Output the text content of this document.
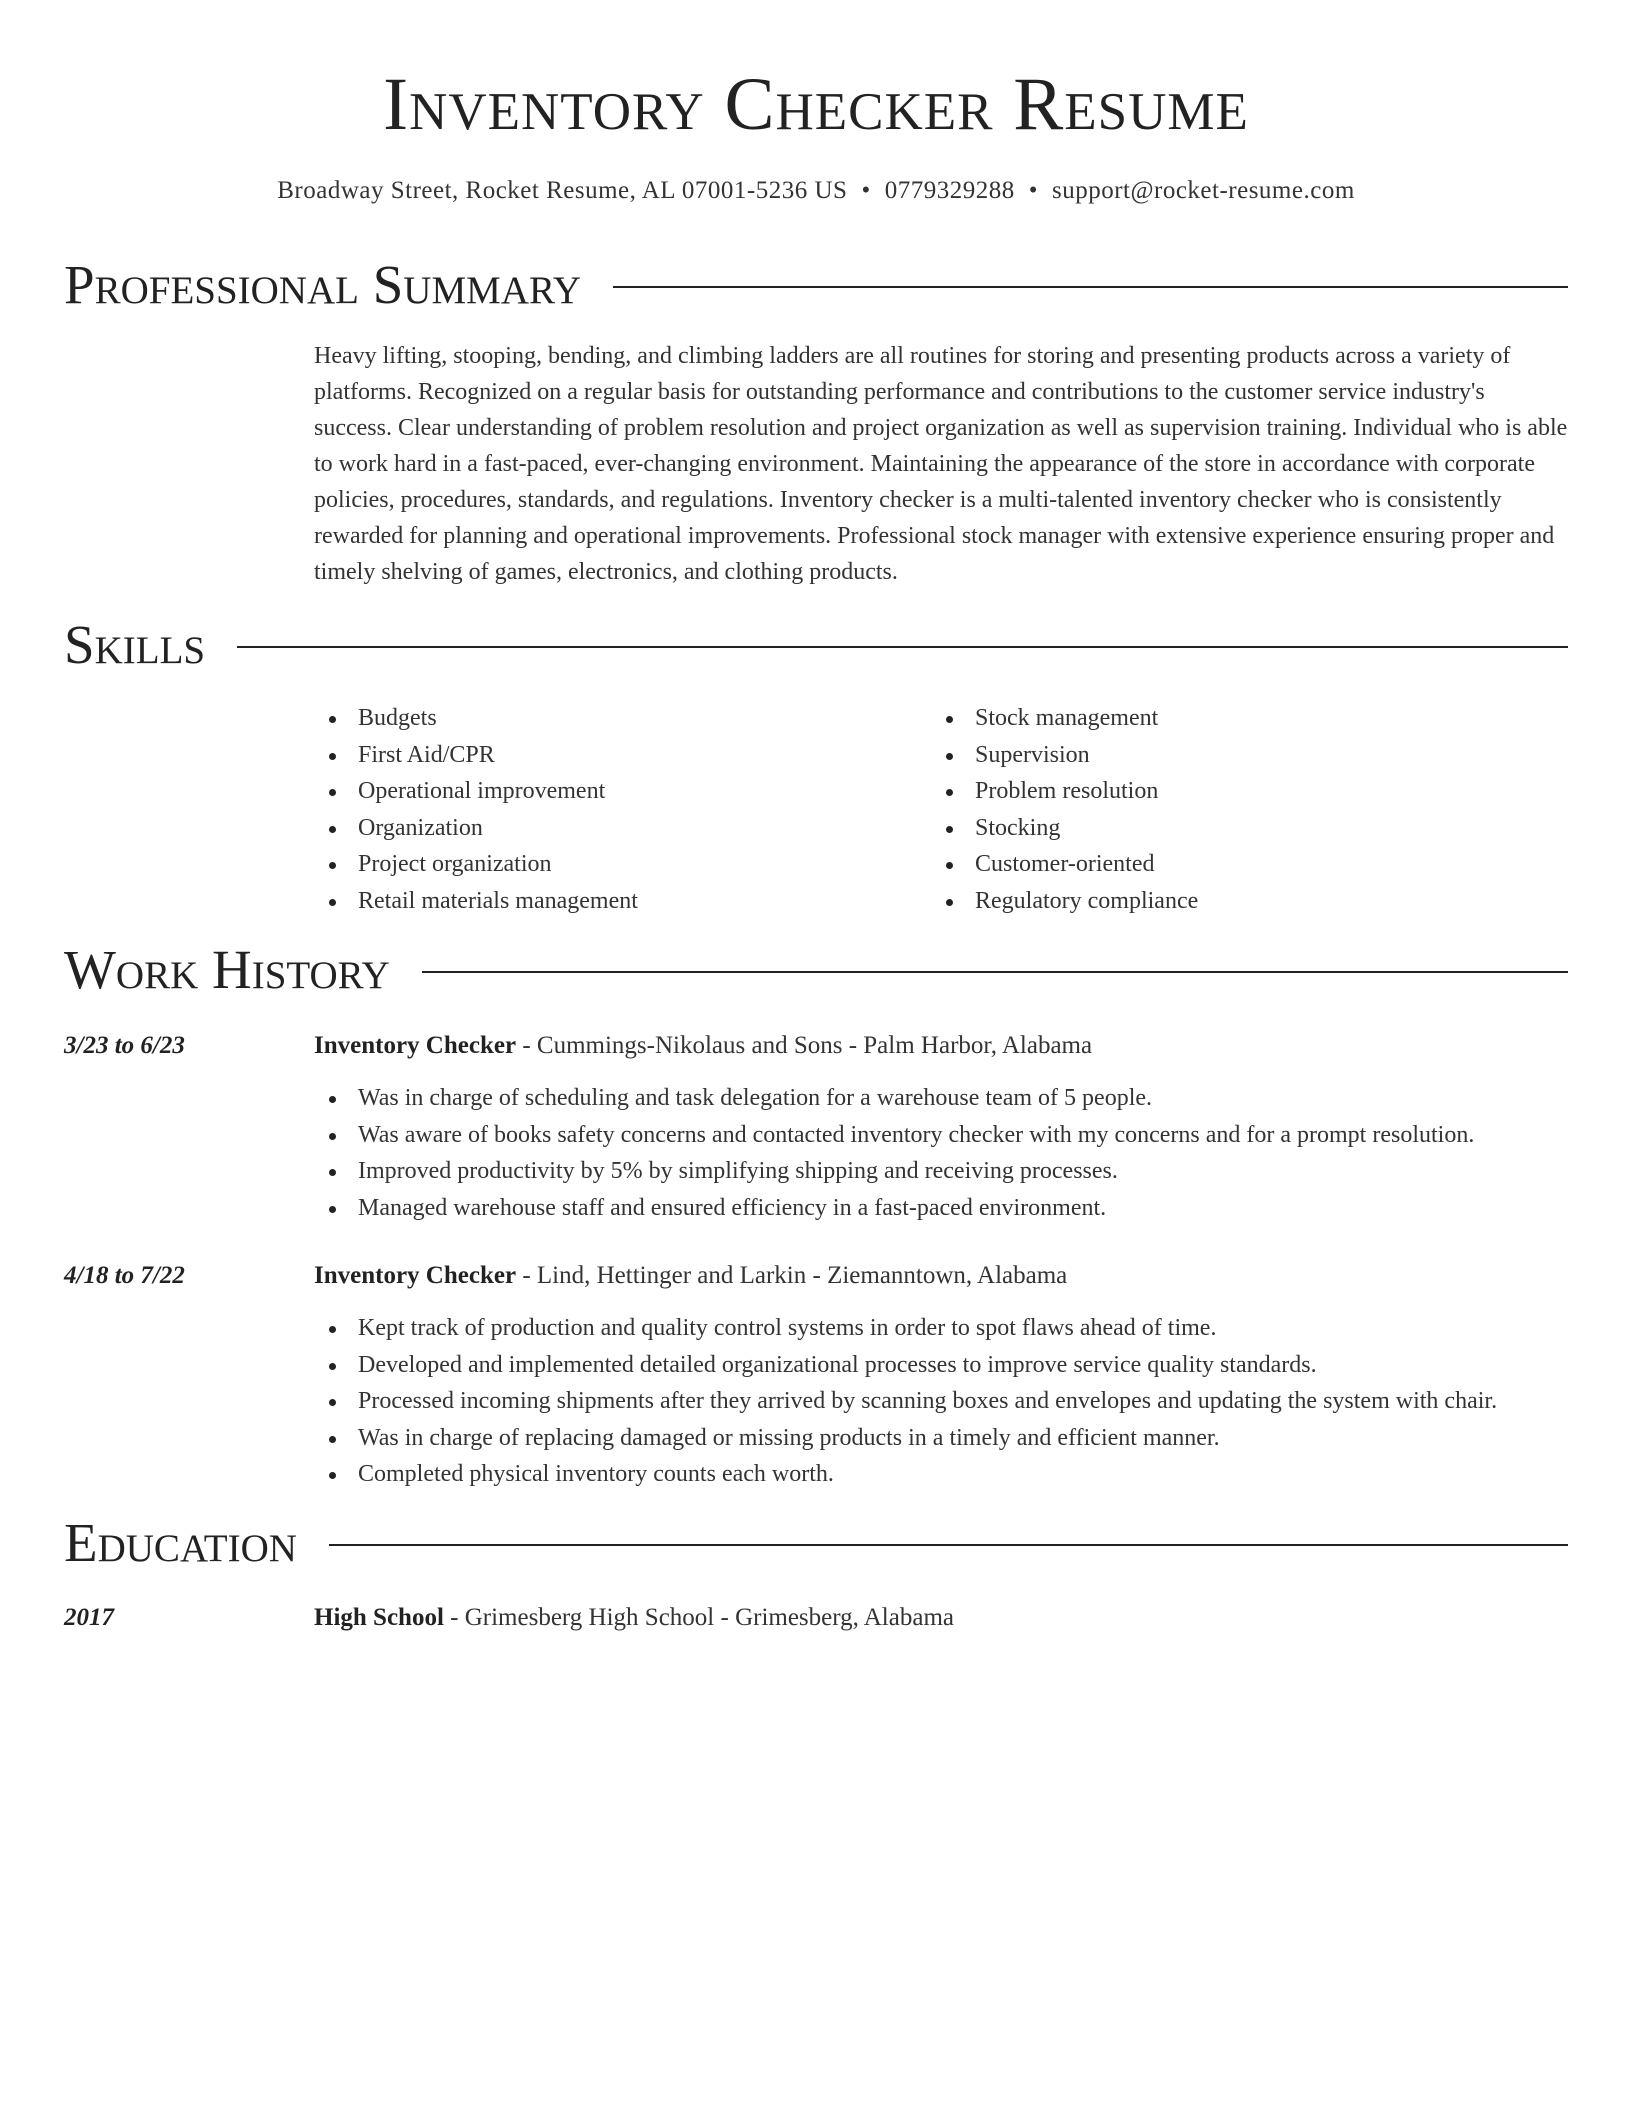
Inventory Checker Resume
Broadway Street, Rocket Resume, AL 07001-5236 US • 0779329288 • support@rocket-resume.com
Professional Summary
Heavy lifting, stooping, bending, and climbing ladders are all routines for storing and presenting products across a variety of platforms. Recognized on a regular basis for outstanding performance and contributions to the customer service industry's success. Clear understanding of problem resolution and project organization as well as supervision training. Individual who is able to work hard in a fast-paced, ever-changing environment. Maintaining the appearance of the store in accordance with corporate policies, procedures, standards, and regulations. Inventory checker is a multi-talented inventory checker who is consistently rewarded for planning and operational improvements. Professional stock manager with extensive experience ensuring proper and timely shelving of games, electronics, and clothing products.
Skills
Budgets
First Aid/CPR
Operational improvement
Organization
Project organization
Retail materials management
Stock management
Supervision
Problem resolution
Stocking
Customer-oriented
Regulatory compliance
Work History
3/23 to 6/23	Inventory Checker - Cummings-Nikolaus and Sons - Palm Harbor, Alabama
Was in charge of scheduling and task delegation for a warehouse team of 5 people.
Was aware of books safety concerns and contacted inventory checker with my concerns and for a prompt resolution.
Improved productivity by 5% by simplifying shipping and receiving processes.
Managed warehouse staff and ensured efficiency in a fast-paced environment.
4/18 to 7/22	Inventory Checker - Lind, Hettinger and Larkin - Ziemanntown, Alabama
Kept track of production and quality control systems in order to spot flaws ahead of time.
Developed and implemented detailed organizational processes to improve service quality standards.
Processed incoming shipments after they arrived by scanning boxes and envelopes and updating the system with chair.
Was in charge of replacing damaged or missing products in a timely and efficient manner.
Completed physical inventory counts each worth.
Education
2017	High School - Grimesberg High School - Grimesberg, Alabama
